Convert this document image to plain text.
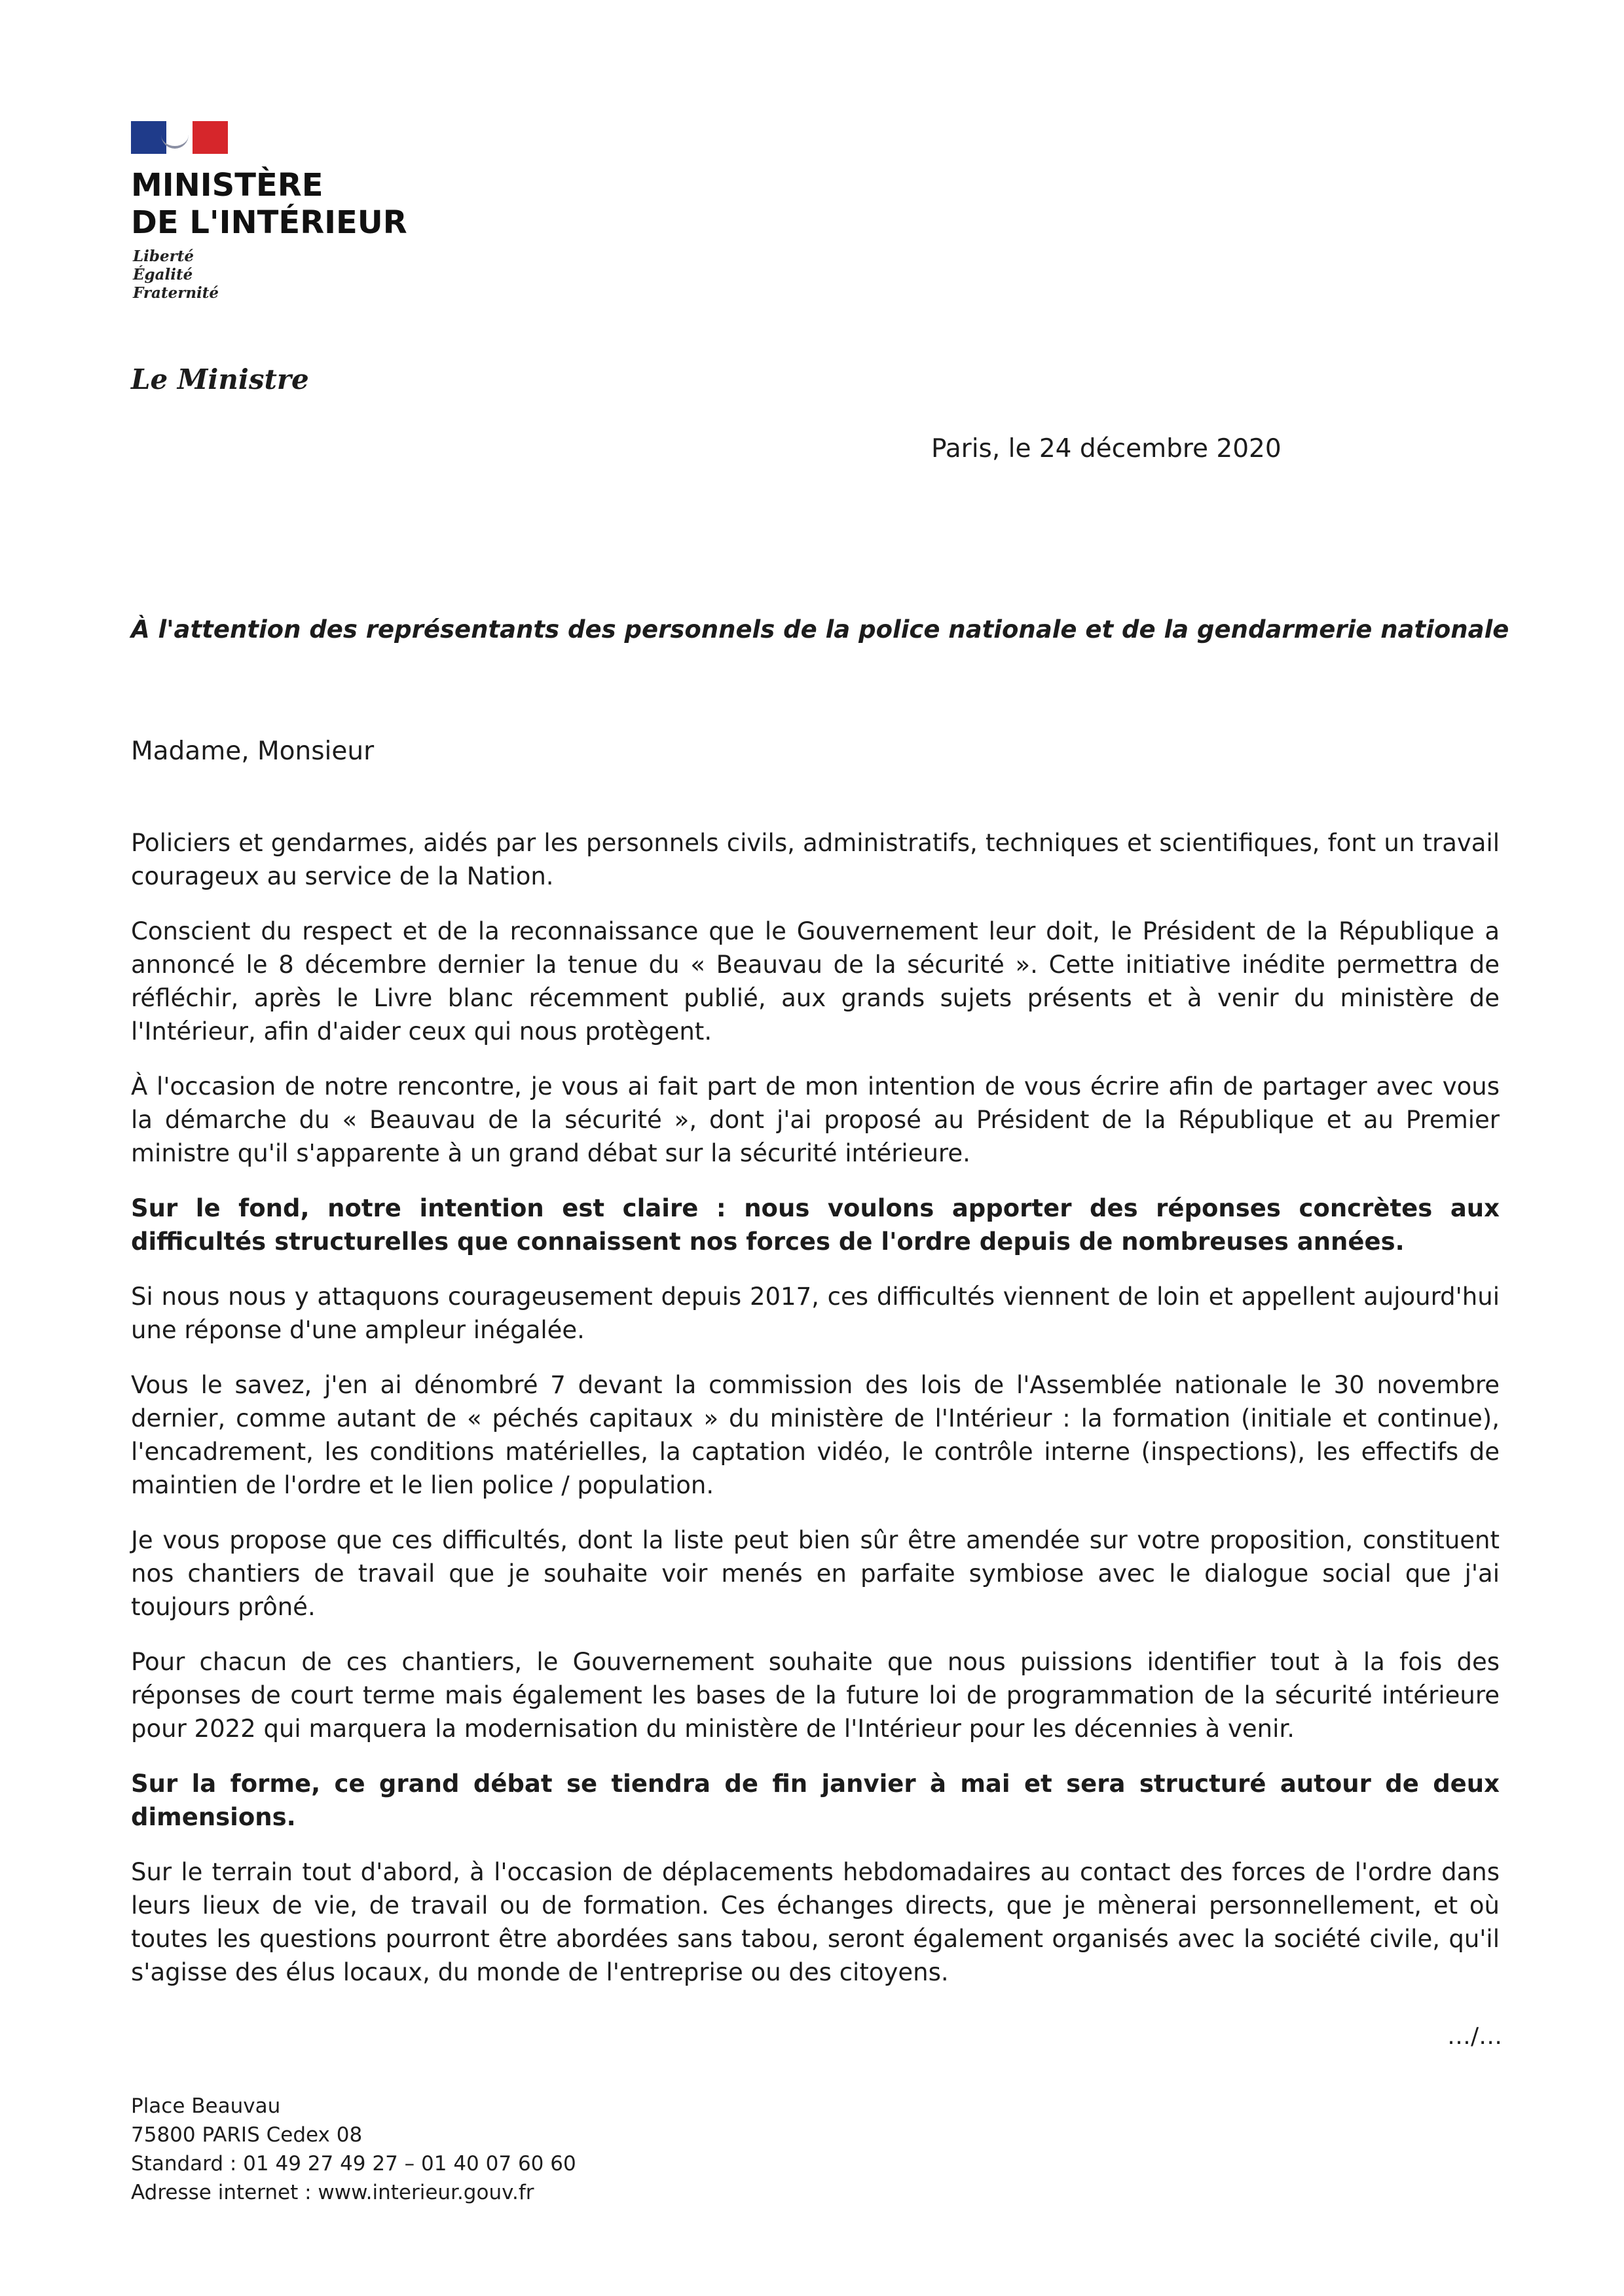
MINISTÈRE
DE L'INTÉRIEUR
Liberté
Égalité
Fraternité
Le Ministre
Paris, le 24 décembre 2020
À l'attention des représentants des personnels de la police nationale et de la gendarmerie nationale
Madame, Monsieur

Policiers et gendarmes, aidés par les personnels civils, administratifs, techniques et scientifiques, font un travail courageux au service de la Nation.

Conscient du respect et de la reconnaissance que le Gouvernement leur doit, le Président de la République a annoncé le 8 décembre dernier la tenue du « Beauvau de la sécurité ». Cette initiative inédite permettra de réfléchir, après le Livre blanc récemment publié, aux grands sujets présents et à venir du ministère de l'Intérieur, afin d'aider ceux qui nous protègent.

À l'occasion de notre rencontre, je vous ai fait part de mon intention de vous écrire afin de partager avec vous la démarche du « Beauvau de la sécurité », dont j'ai proposé au Président de la République et au Premier ministre qu'il s'apparente à un grand débat sur la sécurité intérieure.

Sur le fond, notre intention est claire : nous voulons apporter des réponses concrètes aux difficultés structurelles que connaissent nos forces de l'ordre depuis de nombreuses années.

Si nous nous y attaquons courageusement depuis 2017, ces difficultés viennent de loin et appellent aujourd'hui une réponse d'une ampleur inégalée.

Vous le savez, j'en ai dénombré 7 devant la commission des lois de l'Assemblée nationale le 30 novembre dernier, comme autant de « péchés capitaux » du ministère de l'Intérieur : la formation (initiale et continue), l'encadrement, les conditions matérielles, la captation vidéo, le contrôle interne (inspections), les effectifs de maintien de l'ordre et le lien police / population.

Je vous propose que ces difficultés, dont la liste peut bien sûr être amendée sur votre proposition, constituent nos chantiers de travail que je souhaite voir menés en parfaite symbiose avec le dialogue social que j'ai toujours prôné.

Pour chacun de ces chantiers, le Gouvernement souhaite que nous puissions identifier tout à la fois des réponses de court terme mais également les bases de la future loi de programmation de la sécurité intérieure pour 2022 qui marquera la modernisation du ministère de l'Intérieur pour les décennies à venir.

Sur la forme, ce grand débat se tiendra de fin janvier à mai et sera structuré autour de deux dimensions.

Sur le terrain tout d'abord, à l'occasion de déplacements hebdomadaires au contact des forces de l'ordre dans leurs lieux de vie, de travail ou de formation. Ces échanges directs, que je mènerai personnellement, et où toutes les questions pourront être abordées sans tabou, seront également organisés avec la société civile, qu'il s'agisse des élus locaux, du monde de l'entreprise ou des citoyens.

…/…
Place Beauvau
75800 PARIS Cedex 08
Standard : 01 49 27 49 27 – 01 40 07 60 60
Adresse internet : www.interieur.gouv.fr
